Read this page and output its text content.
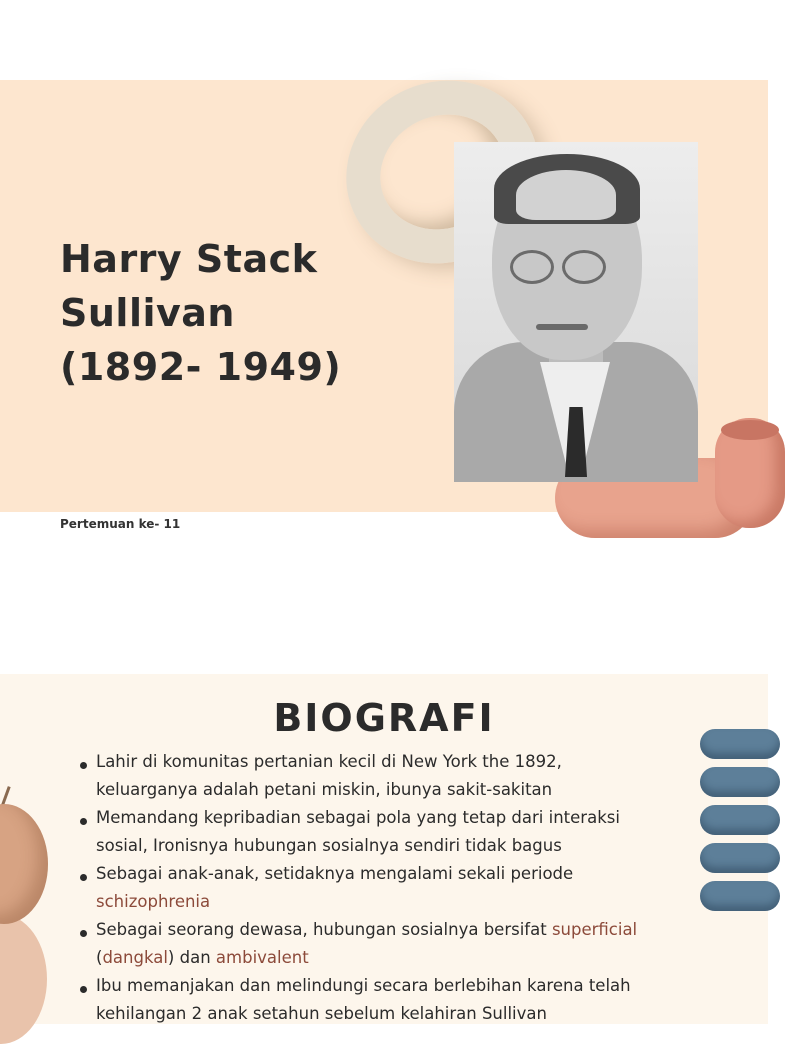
Harry Stack
Sullivan
(1892- 1949)
Pertemuan ke- 11
BIOGRAFI
Lahir di komunitas pertanian kecil di New York the 1892,
keluarganya adalah petani miskin, ibunya sakit-sakitan
Memandang kepribadian sebagai pola yang tetap dari interaksi
sosial, Ironisnya hubungan sosialnya sendiri tidak bagus
Sebagai anak-anak, setidaknya mengalami sekali periode
schizophrenia
Sebagai seorang dewasa, hubungan sosialnya bersifat superficial
(dangkal) dan ambivalent
Ibu memanjakan dan melindungi secara berlebihan karena telah
kehilangan 2 anak setahun sebelum kelahiran Sullivan
